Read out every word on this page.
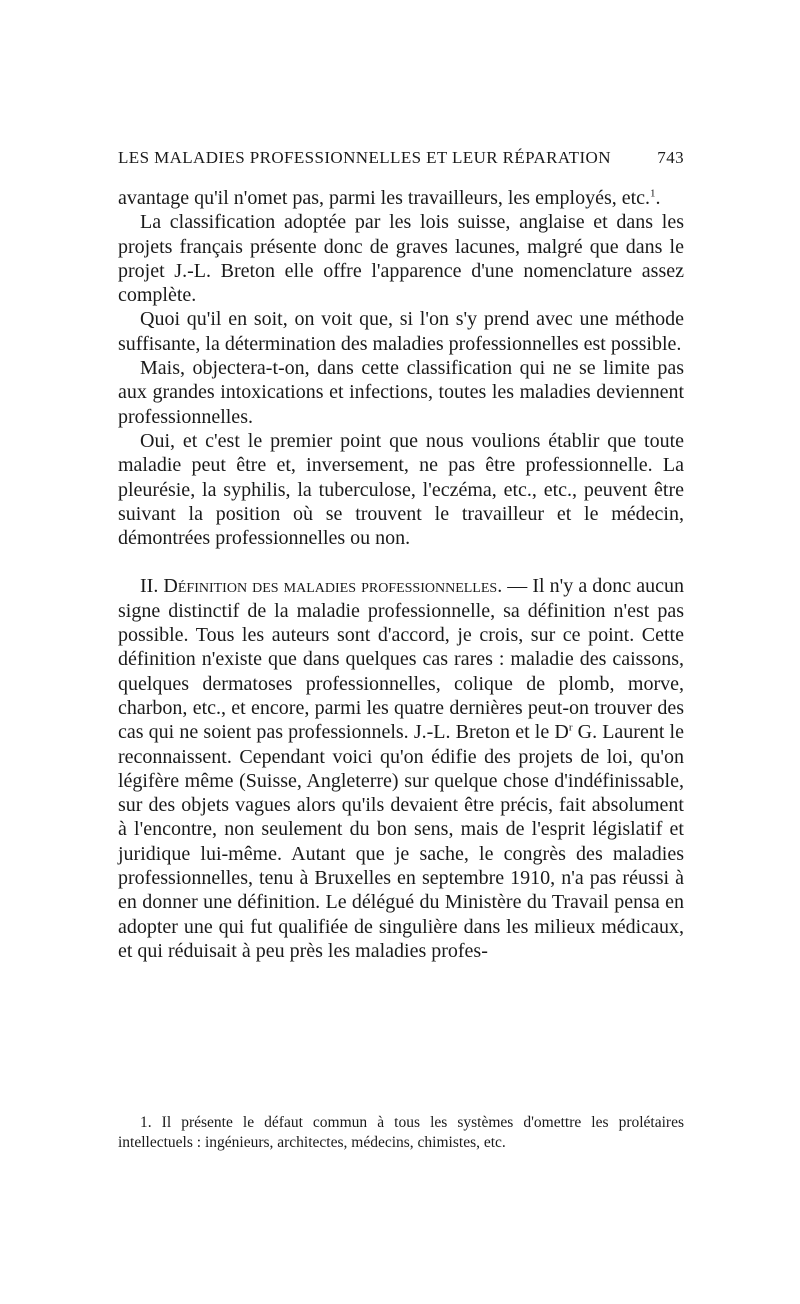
LES MALADIES PROFESSIONNELLES ET LEUR RÉPARATION	743

avantage qu'il n'omet pas, parmi les travailleurs, les employés, etc.$^1$.

La classification adoptée par les lois suisse, anglaise et dans les projets français présente donc de graves lacunes, malgré que dans le projet J.-L. Breton elle offre l'apparence d'une nomenclature assez complète.

Quoi qu'il en soit, on voit que, si l'on s'y prend avec une méthode suffisante, la détermination des maladies professionnelles est possible.

Mais, objectera-t-on, dans cette classification qui ne se limite pas aux grandes intoxications et infections, toutes les maladies deviennent professionnelles.

Oui, et c'est le premier point que nous voulions établir que toute maladie peut être et, inversement, ne pas être professionnelle. La pleurésie, la syphilis, la tuberculose, l'eczéma, etc., etc., peuvent être suivant la position où se trouvent le travailleur et le médecin, démontrées professionnelles ou non.

II. Définition des maladies professionnelles. — Il n'y a donc aucun signe distinctif de la maladie professionnelle, sa définition n'est pas possible. Tous les auteurs sont d'accord, je crois, sur ce point. Cette définition n'existe que dans quelques cas rares : maladie des caissons, quelques dermatoses professionnelles, colique de plomb, morve, charbon, etc., et encore, parmi les quatre dernières peut-on trouver des cas qui ne soient pas professionnels. J.-L. Breton et le $D^r$ G. Laurent le reconnaissent. Cependant voici qu'on édifie des projets de loi, qu'on légifère même (Suisse, Angleterre) sur quelque chose d'indéfinissable, sur des objets vagues alors qu'ils devaient être précis, fait absolument à l'encontre, non seulement du bon sens, mais de l'esprit législatif et juridique lui-même. Autant que je sache, le congrès des maladies professionnelles, tenu à Bruxelles en septembre 1910, n'a pas réussi à en donner une définition. Le délégué du Ministère du Travail pensa en adopter une qui fut qualifiée de singulière dans les milieux médicaux, et qui réduisait à peu près les maladies profes-

1. Il présente le défaut commun à tous les systèmes d'omettre les prolétaires intellectuels : ingénieurs, architectes, médecins, chimistes, etc.
